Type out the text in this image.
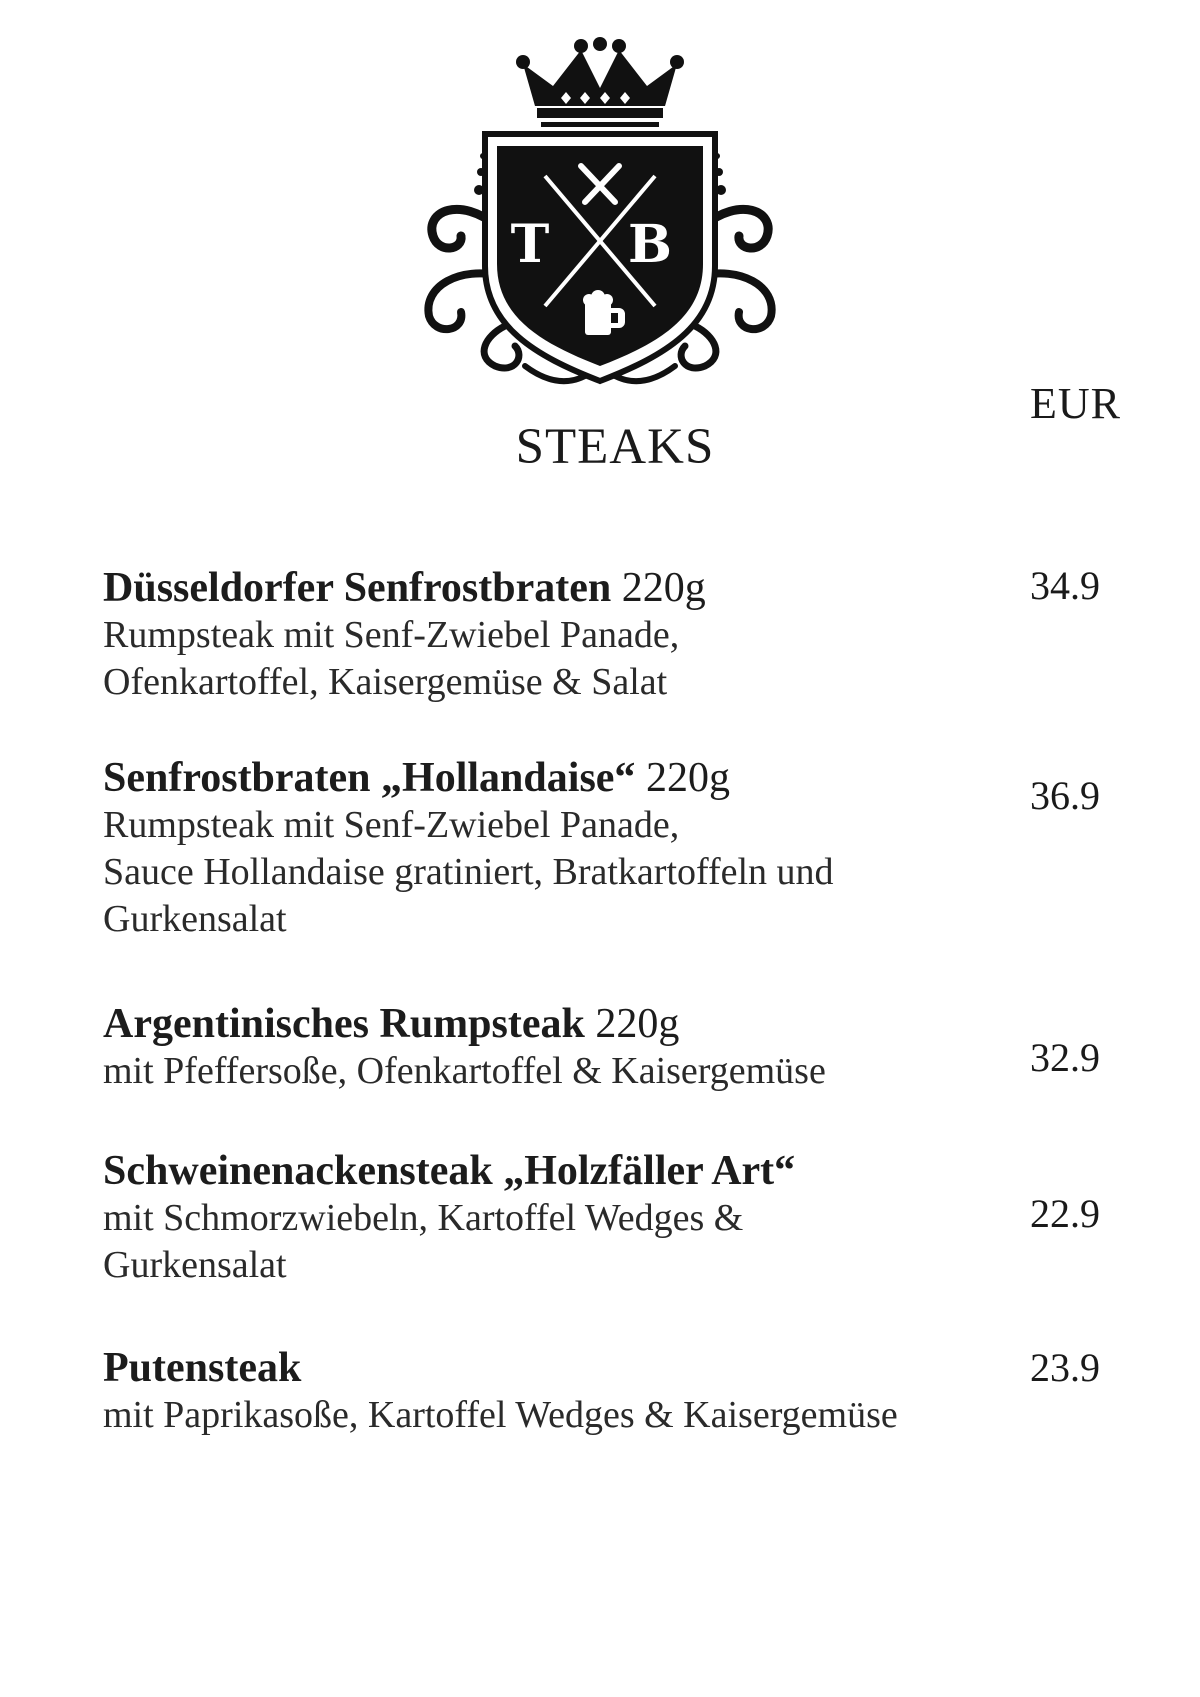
T B
STEAKS
EUR
Düsseldorfer Senfrostbraten 220g
Rumpsteak mit Senf-Zwiebel Panade,
Ofenkartoffel, Kaisergemüse & Salat
34.9
Senfrostbraten „Hollandaise“ 220g
Rumpsteak mit Senf-Zwiebel Panade,
Sauce Hollandaise gratiniert, Bratkartoffeln und
Gurkensalat
36.9
Argentinisches Rumpsteak 220g
mit Pfeffersoße, Ofenkartoffel & Kaisergemüse	32.9
Schweinenackensteak „Holzfäller Art“
mit Schmorzwiebeln, Kartoffel Wedges &
Gurkensalat
22.9
Putensteak
mit Paprikasoße, Kartoffel Wedges & Kaisergemüse
23.9
